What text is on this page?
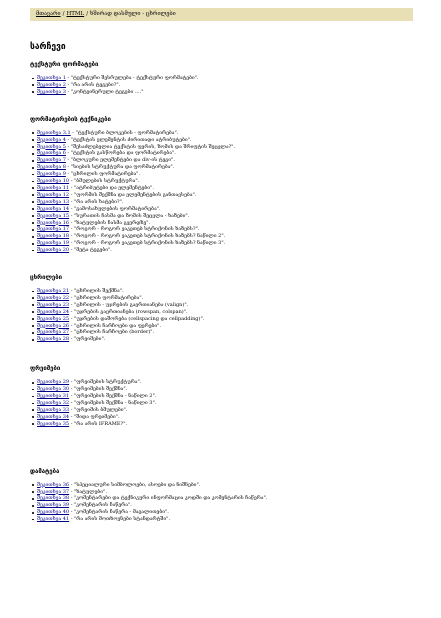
მთავარი / HTML / ხშირად დასმული - ცხრილები
სარჩევი
ტექსტური ფორმატები
შეკითხვა 1 - "ტექსტური შესრულება - ტექსტური ფორმატები".
შეკითხვა 2 - "რა არის ტეგები?".
შეკითხვა 3 - "კონტეინერული ტეგები ...."
ფორმატირების ტექნიკები
შეკითხვა 3.1 - "ტექსტური ბლოკების - ფორმატირება".
შეკითხვა 4 - "ტექსტის ელემენტის ძირითადი ატრიბუტები".
შეკითხვა 5 - "შესაძლებელია ტექსტის ფერის, ზომის და შრიფტის შეცვლა?".
შეკითხვა 6 - "ტექსტის გასწორება და ფორმატირება".
შეკითხვა 7 - "ბლოკური ელემენტები და div-ის ტეგი".
შეკითხვა 8 - "სიების სტრუქტურა და ფორმატირება".
შეკითხვა 9 - "ცხრილის ფორმატირება".
შეკითხვა 10 - "ბმულების სტრუქტურა".
შეკითხვა 11 - "ატრიბუტები და ელემენტები".
შეკითხვა 12 - "ფორმის შექმნა და ელემენტების განთავსება".
შეკითხვა 13 - "რა არის ხატები?".
შეკითხვა 14 - "გამოსახულების ფორმატირება".
შეკითხვა 15 - "სურათის ჩასმა და ზომის შეცვლა - ხაზები".
შეკითხვა 16 - "ხატულების ჩასმა გვერდზე".
შეკითხვა 17 - "როგორ - როგორ ვაკეთებ სტრიქონის ხაზებს?".
შეკითხვა 18 - "როგორ - როგორ ვაკეთებ სტრიქონის ხაზებს? ნაწილი 2".
შეკითხვა 19 - "როგორ - როგორ ვაკეთებ სტრიქონის ხაზებს? ნაწილი 3".
შეკითხვა 20 - "მეტა ტეგები".
ცხრილები
შეკითხვა 21 - "ცხრილის შექმნა".
შეკითხვა 22 - "ცხრილის ფორმატირება".
შეკითხვა 23 - "ცხრილის - უჯრების გაერთიანება (valign)".
შეკითხვა 24 - "უჯრების გაერთიანება (rowspan, colspan)".
შეკითხვა 25 - "უჯრების დაშორება (cellspacing და cellpadding)".
შეკითხვა 26 - "ცხრილის ჩარჩოები და ფერები".
შეკითხვა 27 - "ცხრილის ჩარჩოები (border)".
შეკითხვა 28 - "ფრეიმები".
ფრეიმები
შეკითხვა 29 - "ფრეიმების სტრუქტურა".
შეკითხვა 30 - "ფრეიმების შექმნა".
შეკითხვა 31 - "ფრეიმების შექმნა - ნაწილი 2".
შეკითხვა 32 - "ფრეიმების შექმნა - ნაწილი 3".
შეკითხვა 33 - "ფრეიმის ბმულები".
შეკითხვა 34 - "შიდა ფრეიმები".
შეკითხვა 35 - "რა არის IFRAME?".
დამატება
შეკითხვა 36 - "სპეციალური სიმბოლოები, ასოები და ნიშნები".
შეკითხვა 37 - "ხატულები".
შეკითხვა 38 - "კომენტარები და ტექნიკური ინფორმაცია კოდში და კომენტარის ჩაწერა".
შეკითხვა 39 - "კომენტარის ჩაწერა".
შეკითხვა 40 - "კომენტარის ჩაწერა - მაგალითები".
შეკითხვა 41 - "რა არის მოთხოვნები სტანდარტში".
